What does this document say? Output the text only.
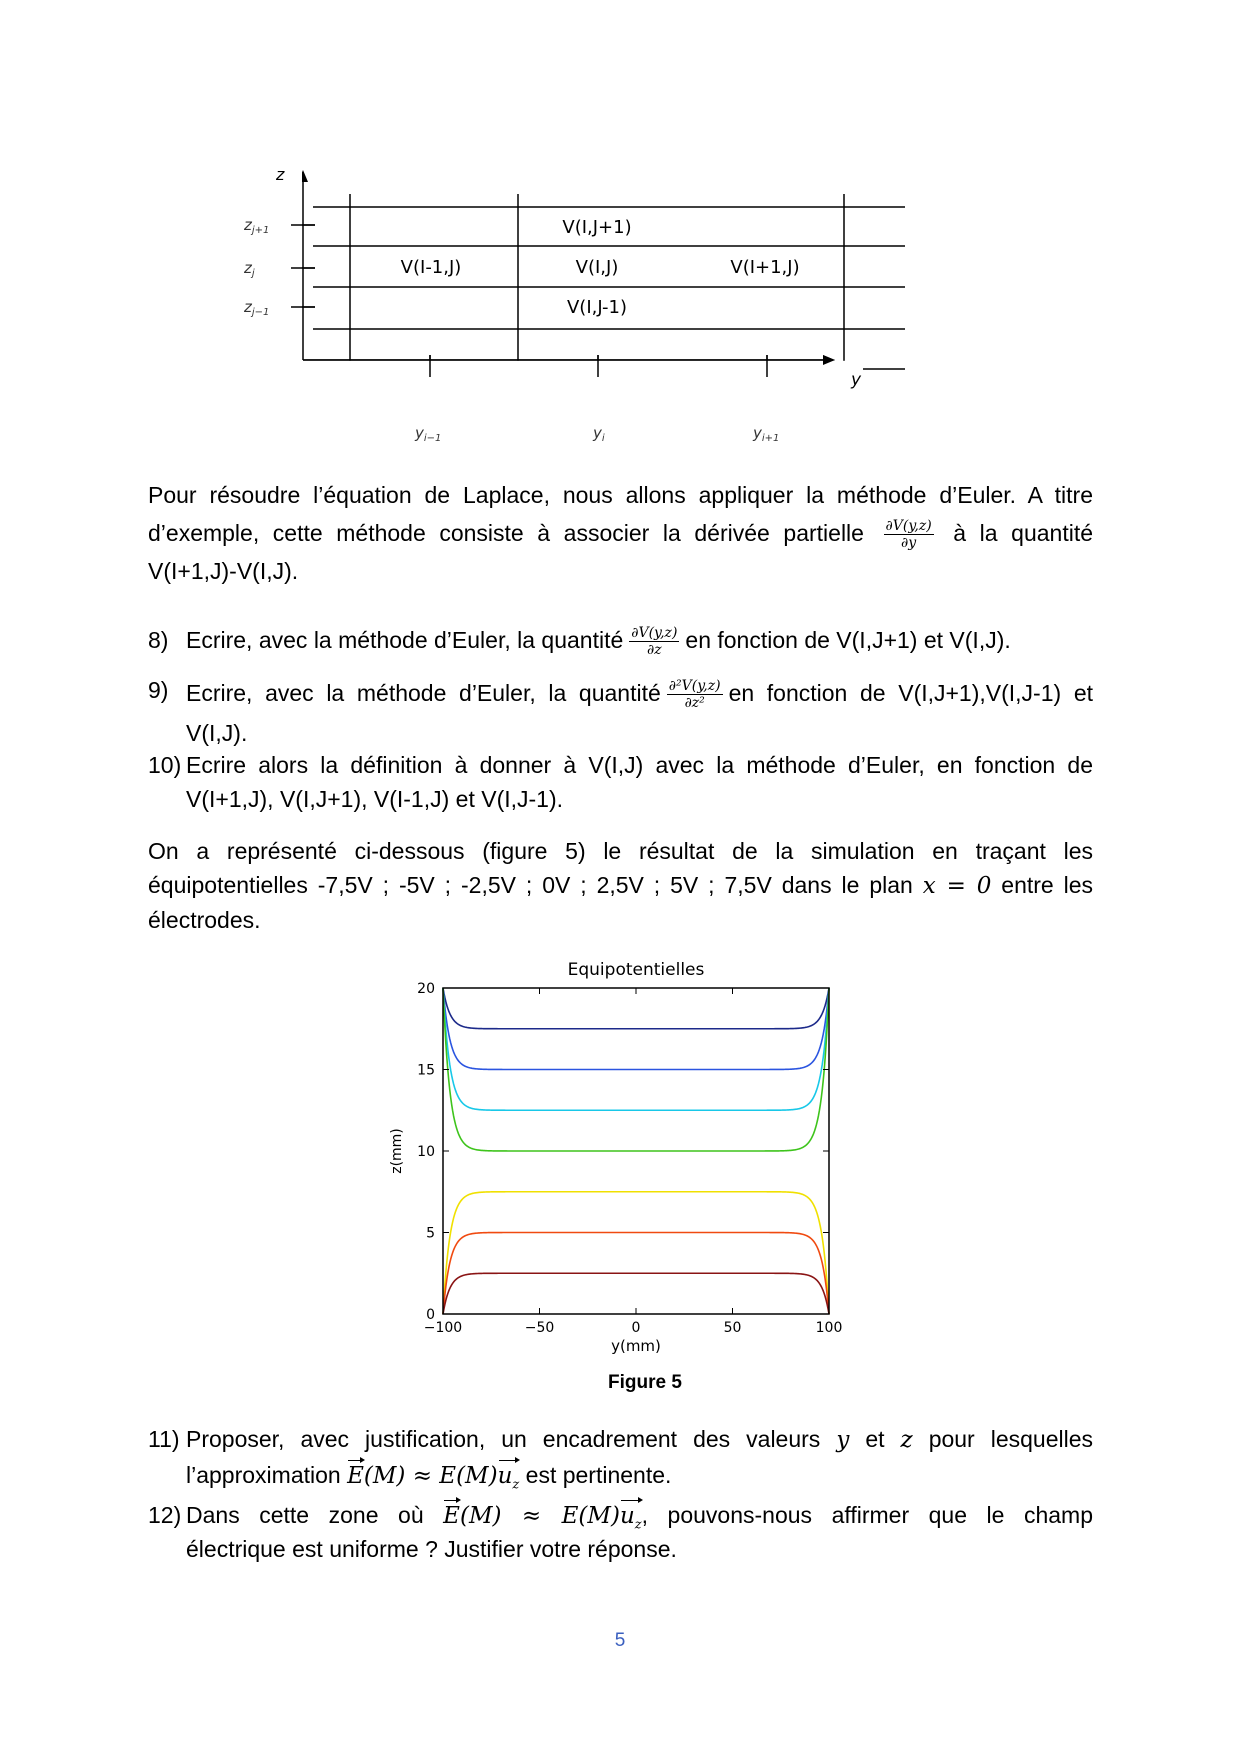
z
y
$z_{j+1}$
$z_j$
$z_{j-1}$
$y_{i-1}$	$y_i$	$y_{i+1}$
V(I,J+1)
V(I-1,J)	V(I,J)	V(I+1,J)
V(I,J-1)
Pour résoudre l’équation de Laplace, nous allons appliquer la méthode d’Euler. A titre d’exemple, cette méthode consiste à associer la dérivée partielle $\frac{\partial V(y,z)}{\partial y}$ à la quantité V(I+1,J)-V(I,J).
8) Ecrire, avec la méthode d’Euler, la quantité $\frac{\partial V(y,z)}{\partial z}$ en fonction de V(I,J+1) et V(I,J).
9) Ecrire, avec la méthode d’Euler, la quantité $\frac{\text{∂²V(y,z)}}{\text{∂z²}}$ en fonction de V(I,J+1),V(I,J-1) et V(I,J).
10) Ecrire alors la définition à donner à V(I,J) avec la méthode d’Euler, en fonction de V(I+1,J), V(I,J+1), V(I-1,J) et V(I,J-1).
On a représenté ci-dessous (figure 5) le résultat de la simulation en traçant les équipotentielles -7,5V ; -5V ; -2,5V ; 0V ; 2,5V ; 5V ; 7,5V dans le plan x = 0 entre les électrodes.
Equipotentielles
−100	−50	0	50	100
0
5
10
15
20
y(mm)
z(mm)
Figure 5
11) Proposer, avec justification, un encadrement des valeurs y et z pour lesquelles
l’approximation $E(M) \approx E(M)u_z$ est pertinente.
12) Dans cette zone où $E(M) \approx E(M)u_z$, pouvons-nous affirmer que le champ
électrique est uniforme ? Justifier votre réponse.
5
